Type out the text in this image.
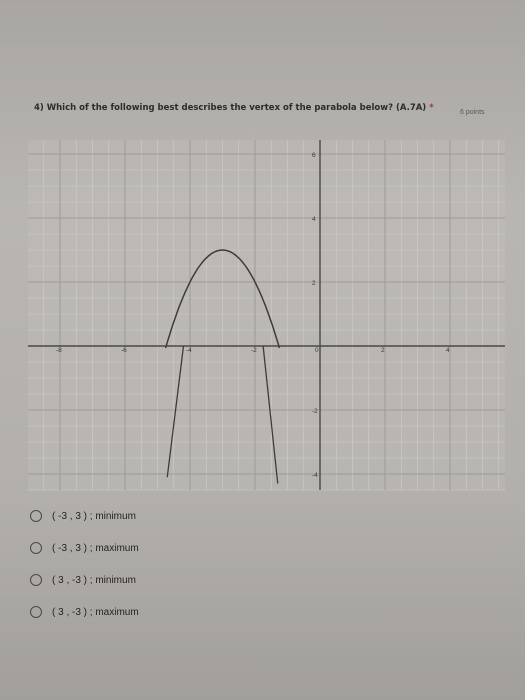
4) Which of the following best describes the vertex of the parabola below? (A.7A) *	6 points
-8	-6	-4	-2	0	2	4
6
4
2
-2
-4
( -3 , 3 ) ; minimum
( -3 , 3 ) ; maximum
( 3 , -3 ) ; minimum
( 3 , -3 ) ; maximum
